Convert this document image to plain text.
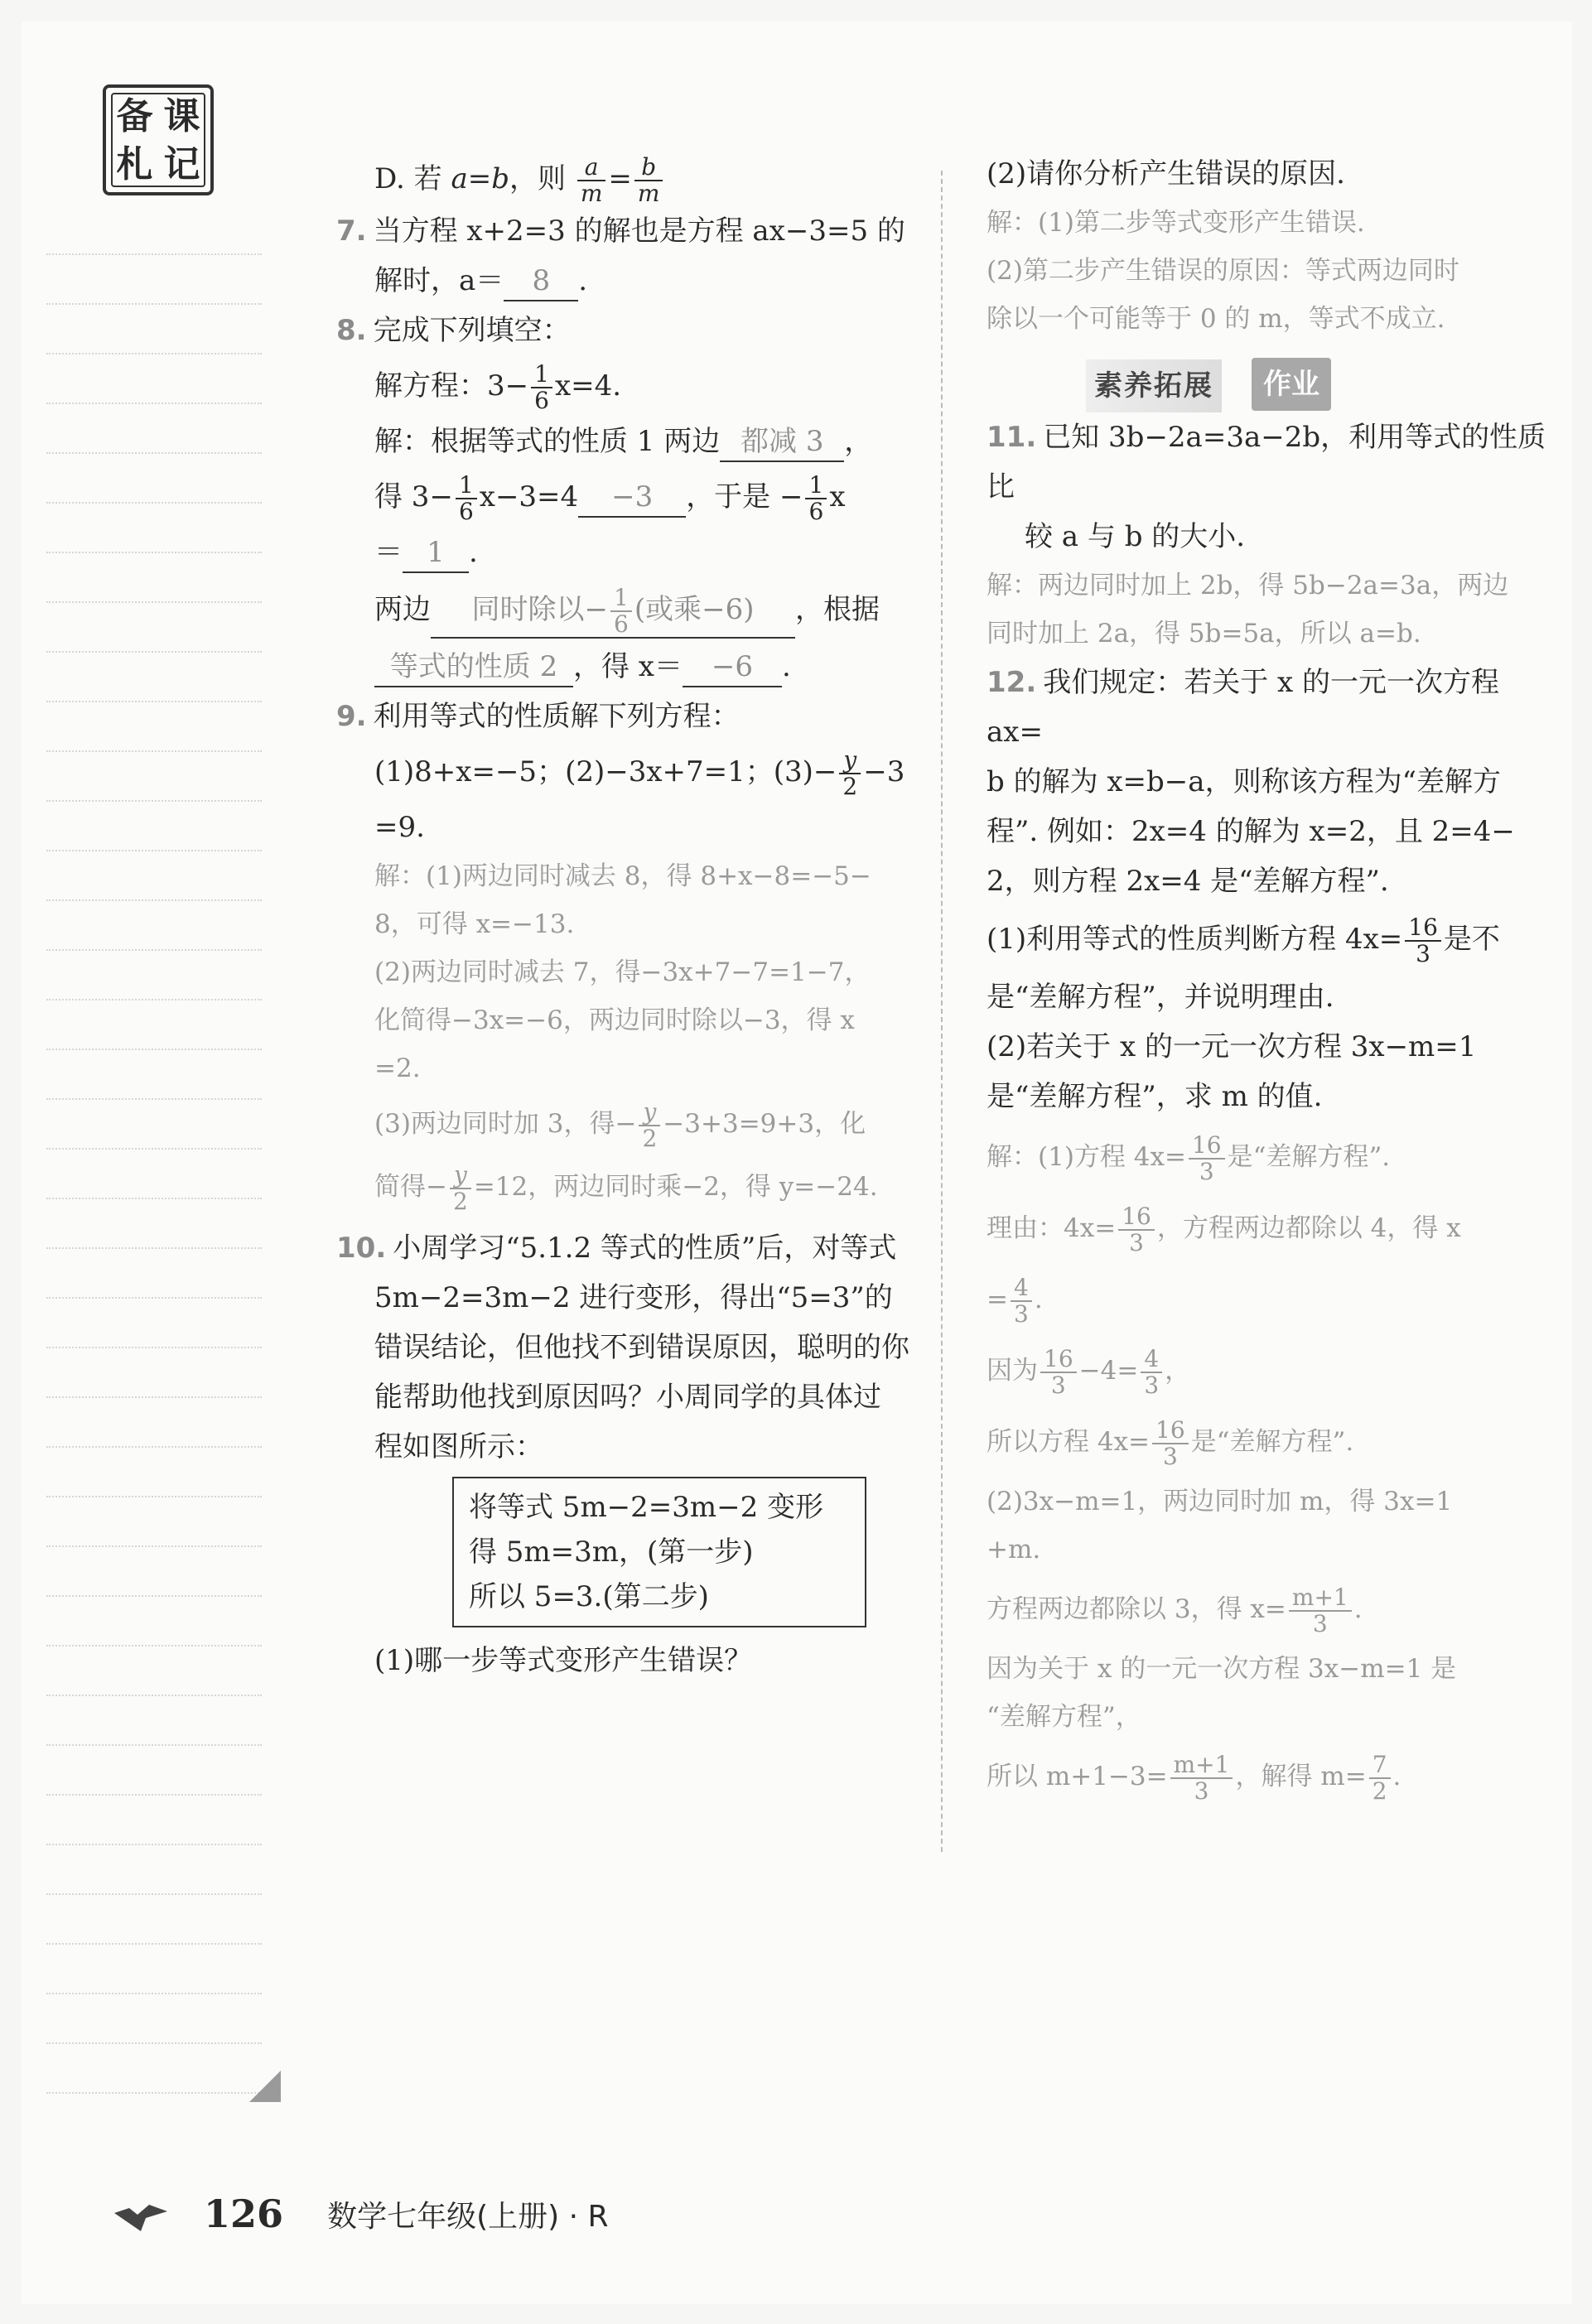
备 课
札 记	D. 若 a=b，则 $\frac{a}{m} = \frac{b}{m}$

7. 当方程 x+2=3 的解也是方程 ax−3=5 的

解时，a＝ 8 .

8. 完成下列填空：

解方程：$3- \frac{1}{6} x=4$.

解：根据等式的性质 1 两边 都减 3 ，

得 $3- \frac{1}{6} x-3=4 -3$ ，于是 − $\frac{1}{6}$ x

＝ 1 .

两边 同时除以− $\frac{1}{6}$ (或乘−6) ，根据

等式的性质 2 ，得 x＝ −6 .

9. 利用等式的性质解下列方程：

(1)8+x=−5；(2)−3x+7=1；$(3)- \frac{y}{2} -3$

=9.

解：(1)两边同时减去 8，得 8+x−8=−5−
8，可得 x=−13.
(2)两边同时减去 7，得−3x+7−7=1−7，
化简得−3x=−6，两边同时除以−3，得 x
=2.
(3)两边同时加 3，得− $\frac{y}{2} -3+3=9+3$，化
简得− $\frac{y}{2} =12$，两边同时乘−2，得 y=−24.

10. 小周学习“5.1.2 等式的性质”后，对等式

5m−2=3m−2 进行变形，得出“5=3”的

错误结论，但他找不到错误原因，聪明的你

能帮助他找到原因吗？小周同学的具体过

程如图所示：

将等式 5m−2=3m−2 变形
得 5m=3m，(第一步)
所以 5=3.(第二步)

(1)哪一步等式变形产生错误？

(2)请你分析产生错误的原因.

解：(1)第二步等式变形产生错误.
(2)第二步产生错误的原因：等式两边同时
除以一个可能等于 0 的 m，等式不成立.
素养拓展	作业

11. 已知 3b−2a=3a−2b，利用等式的性质比

较 a 与 b 的大小.

解：两边同时加上 2b，得 5b−2a=3a，两边
同时加上 2a，得 5b=5a，所以 a=b.

12. 我们规定：若关于 x 的一元一次方程 ax=

b 的解为 x=b−a，则称该方程为“差解方

程”. 例如：2x=4 的解为 x=2，且 2=4−

2，则方程 2x=4 是“差解方程”.

(1)利用等式的性质判断方程 $4x= \frac{16}{3}$ 是不

是“差解方程”，并说明理由.

(2)若关于 x 的一元一次方程 3x−m=1

是“差解方程”，求 m 的值.

解：(1)方程 $4x= \frac{16}{3}$ 是“差解方程”.
理由：$4x= \frac{16}{3}$ ，方程两边都除以 4，得 x
= $\frac{4}{3}$ .
因为 $\frac{16}{3} -4= \frac{4}{3}$ ，
所以方程 $4x= \frac{16}{3}$ 是“差解方程”.
(2)3x−m=1，两边同时加 m，得 3x=1
+m.
方程两边都除以 3，得 $x= \frac{m+1}{3}$ .
因为关于 x 的一元一次方程 3x−m=1 是
“差解方程”，
所以 $m+1-3= \frac{m+1}{3}$ ，解得 $m= \frac{7}{2}$ .
126 数学七年级(上册) · R
